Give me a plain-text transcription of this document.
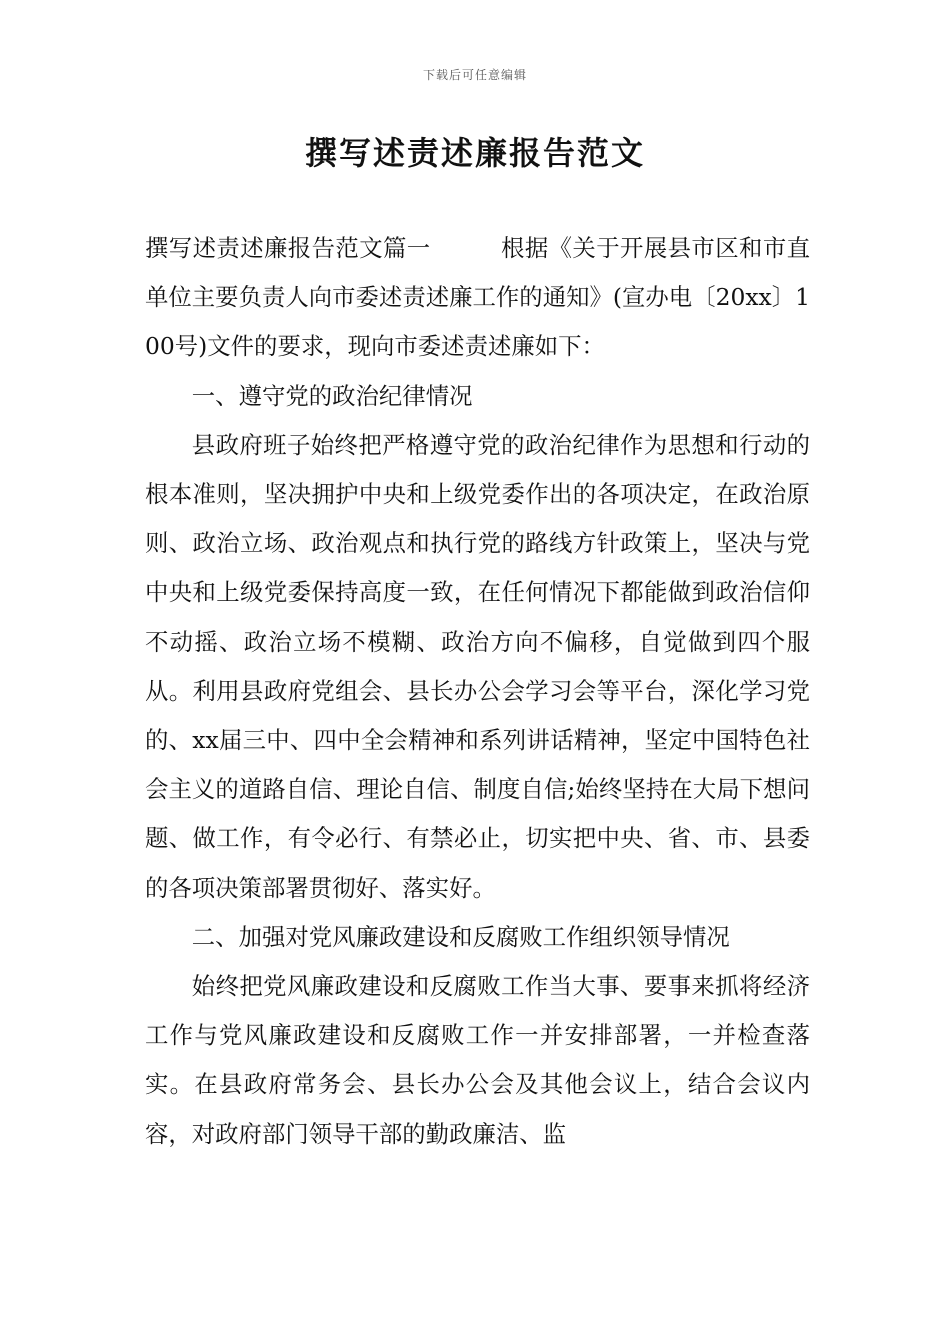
下载后可任意编辑
撰写述责述廉报告范文

撰写述责述廉报告范文篇一	根据《关于开展县市区和市直单位主要负责人向市委述责述廉工作的通知》(宣办电〔20xx〕100号)文件的要求，现向市委述责述廉如下：

一、遵守党的政治纪律情况

县政府班子始终把严格遵守党的政治纪律作为思想和行动的根本准则，坚决拥护中央和上级党委作出的各项决定，在政治原则、政治立场、政治观点和执行党的路线方针政策上，坚决与党中央和上级党委保持高度一致，在任何情况下都能做到政治信仰不动摇、政治立场不模糊、政治方向不偏移，自觉做到四个服从。利用县政府党组会、县长办公会学习会等平台，深化学习党的、xx届三中、四中全会精神和系列讲话精神，坚定中国特色社会主义的道路自信、理论自信、制度自信;始终坚持在大局下想问题、做工作，有令必行、有禁必止，切实把中央、省、市、县委的各项决策部署贯彻好、落实好。

二、加强对党风廉政建设和反腐败工作组织领导情况

始终把党风廉政建设和反腐败工作当大事、要事来抓将经济工作与党风廉政建设和反腐败工作一并安排部署，一并检查落实。在县政府常务会、县长办公会及其他会议上，结合会议内容，对政府部门领导干部的勤政廉洁、监
